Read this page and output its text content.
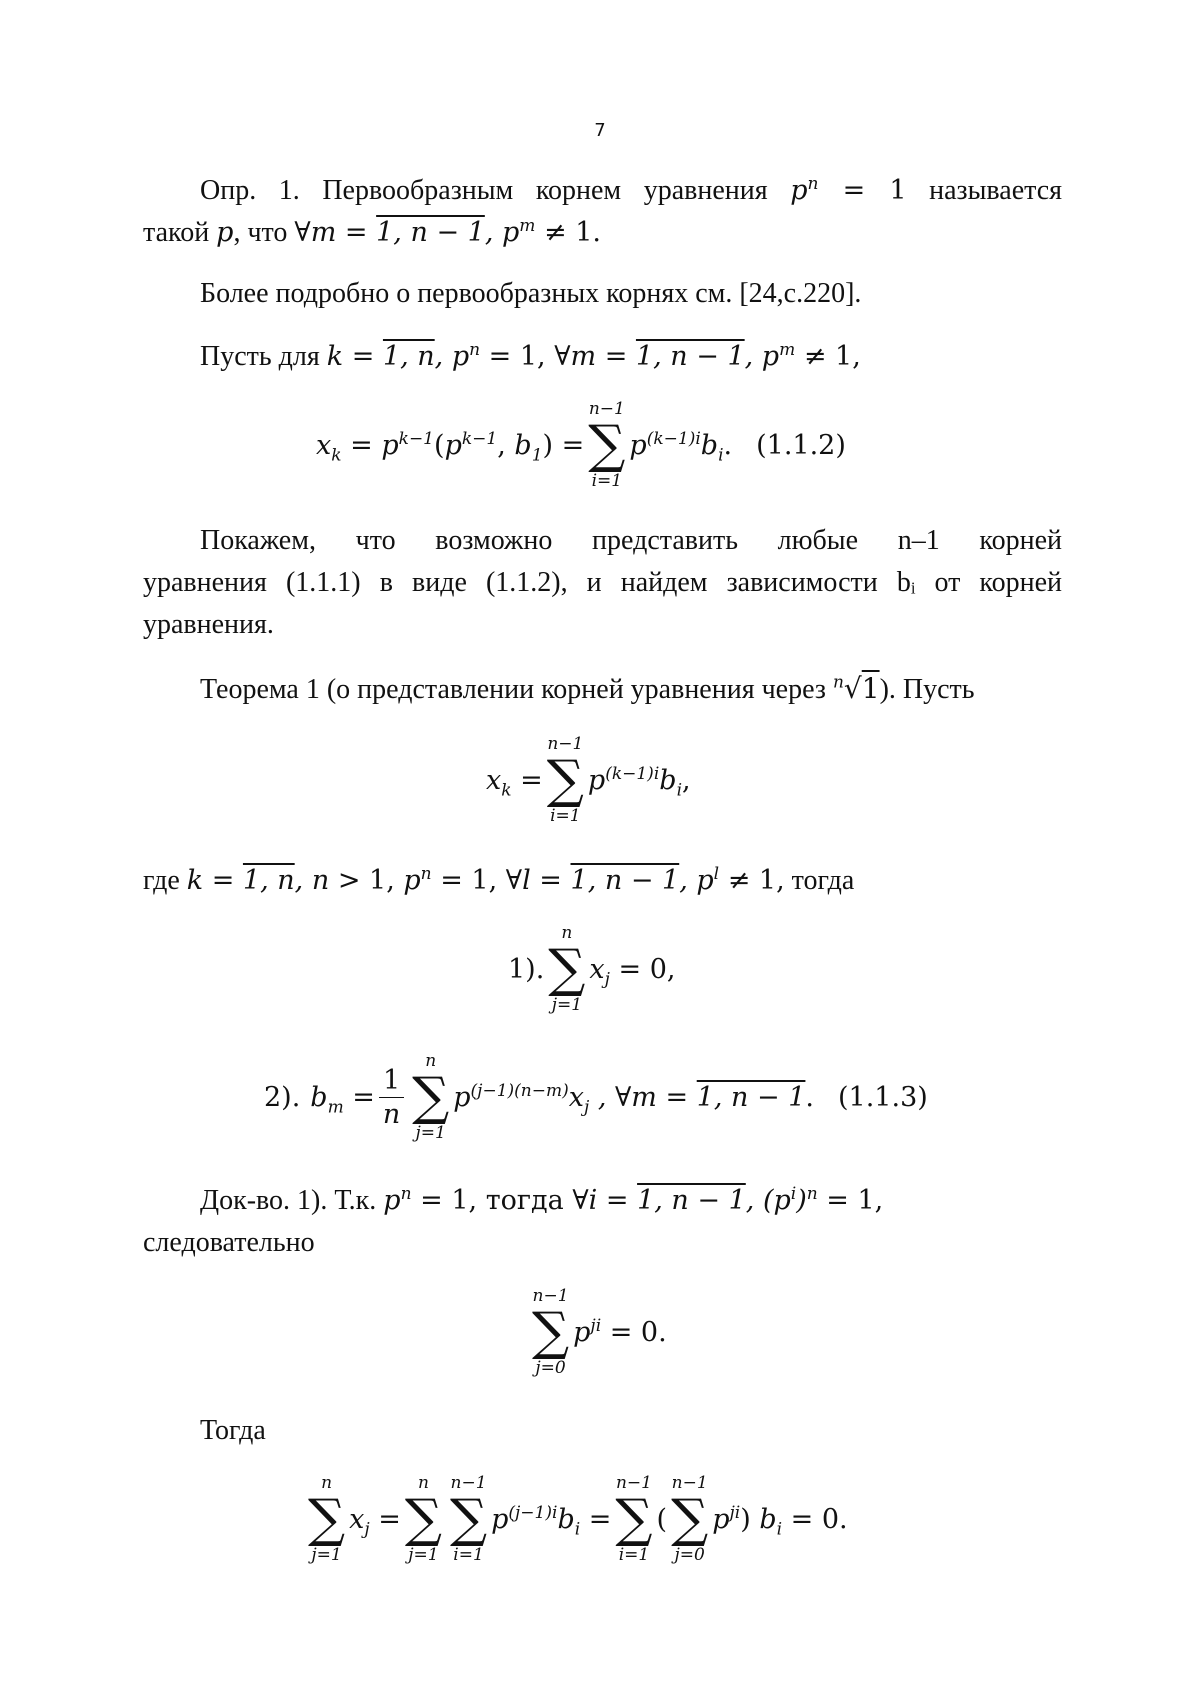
7
Опр. 1. Первообразным корнем уравнения $p^n = 1$ называется
такой p, что ∀m = 1, n − 1, $p^m \ne 1$.
Более подробно о первообразных корнях см. [24,с.220].
Пусть для k = 1, n, $p^n = 1$, ∀m = 1, n − 1, $p^m \ne 1$,
$x_k = p^{k-1}$ ( $p^{k-1}$ , $b_1$ ) =
n−1
∑
i=1
$p^{(k-1)i}b_i$ . (1.1.2)
Покажем, что возможно представить любые n–1 корней
уравнения (1.1.1) в виде (1.1.2), и найдем зависимости bᵢ от корней
уравнения.
Теорема 1 (о представлении корней уравнения через $^n$√1). Пусть
$x_k$ =
n−1
∑
i=1
$p^{(k-1)i}b_i$ ,
где k = 1, n, n > 1, $p^n = 1$, ∀l = 1, n − 1, $p^l \ne 1$, тогда
1).
n
∑
j=1
$x_j = 0$,
2). $b_m = \frac{1}{n}$
n
∑
j=1
$p^{(j-1)(n-m)}x_j$
, ∀m =
1, n − 1 . (1.1.3)
Док-во. 1). Т.к. $p^n = 1$, тогда ∀i = 1, n − 1, $(p^i)^n = 1$,
следовательно
n−1
∑
j=0
$p^{ji} = 0$.
Тогда
n
∑
j=1
$x_j$ =
n
∑
j=1
n−1
∑
i=1
$p^{(j-1)i}b_i$ =
n−1
∑
i=1
(
n−1
∑
j=0
$p^{ji}$ ) $b_i = 0$.
